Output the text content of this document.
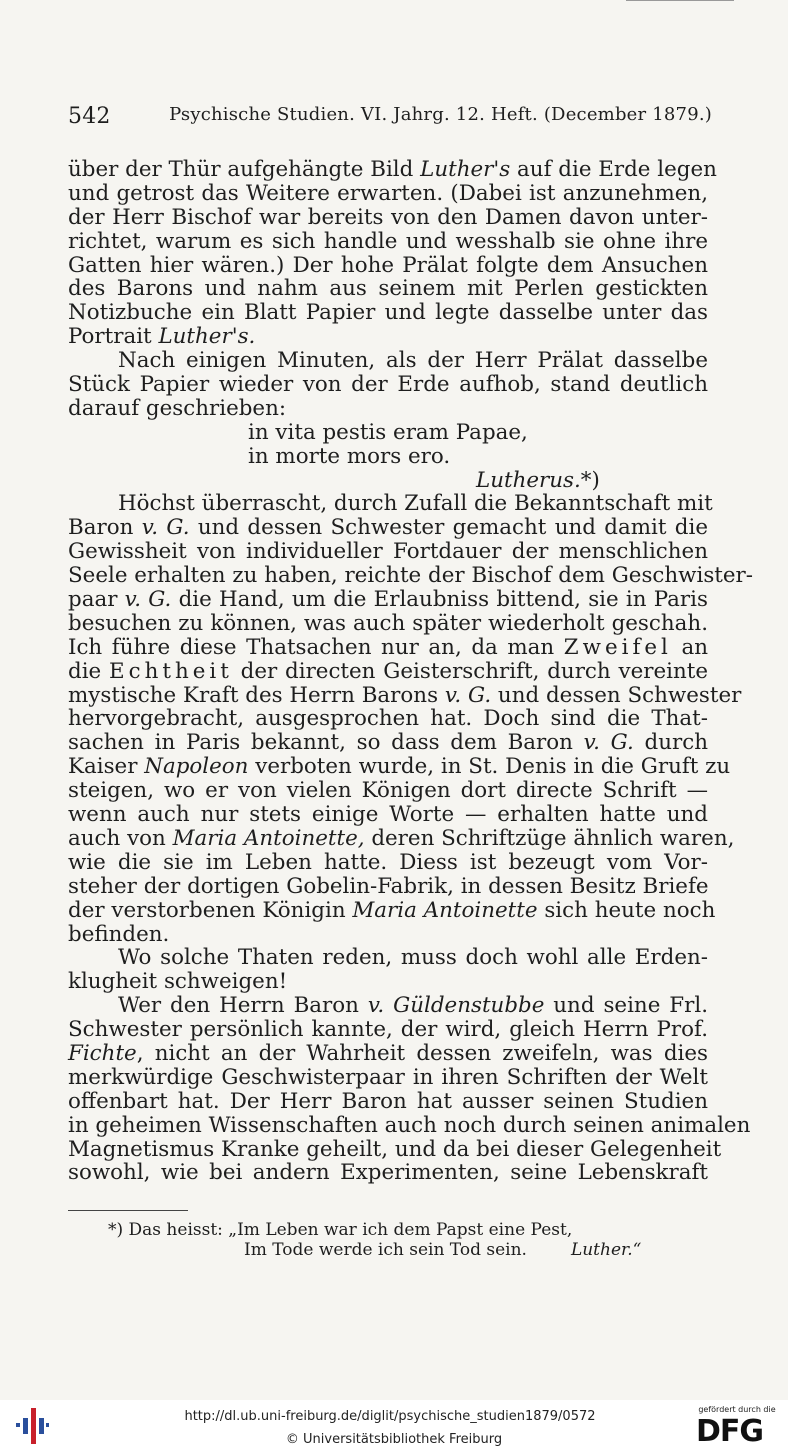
542	Psychische Studien. VI. Jahrg. 12. Heft. (December 1879.)
über der Thür aufgehängte Bild Luther's auf die Erde legen
und getrost das Weitere erwarten. (Dabei ist anzunehmen,
der Herr Bischof war bereits von den Damen davon unter-
richtet, warum es sich handle und wesshalb sie ohne ihre
Gatten hier wären.) Der hohe Prälat folgte dem Ansuchen
des Barons und nahm aus seinem mit Perlen gestickten
Notizbuche ein Blatt Papier und legte dasselbe unter das
Portrait Luther's.
Nach einigen Minuten, als der Herr Prälat dasselbe
Stück Papier wieder von der Erde aufhob, stand deutlich
darauf geschrieben:
in vita pestis eram Papae,
in morte mors ero.
Lutherus.*)
Höchst überrascht, durch Zufall die Bekanntschaft mit
Baron v. G. und dessen Schwester gemacht und damit die
Gewissheit von individueller Fortdauer der menschlichen
Seele erhalten zu haben, reichte der Bischof dem Geschwister-
paar v. G. die Hand, um die Erlaubniss bittend, sie in Paris
besuchen zu können, was auch später wiederholt geschah.
Ich führe diese Thatsachen nur an, da man Zweifel an
die Echtheit der directen Geisterschrift, durch vereinte
mystische Kraft des Herrn Barons v. G. und dessen Schwester
hervorgebracht, ausgesprochen hat. Doch sind die That-
sachen in Paris bekannt, so dass dem Baron v. G. durch
Kaiser Napoleon verboten wurde, in St. Denis in die Gruft zu
steigen, wo er von vielen Königen dort directe Schrift —
wenn auch nur stets einige Worte — erhalten hatte und
auch von Maria Antoinette, deren Schriftzüge ähnlich waren,
wie die sie im Leben hatte. Diess ist bezeugt vom Vor-
steher der dortigen Gobelin-Fabrik, in dessen Besitz Briefe
der verstorbenen Königin Maria Antoinette sich heute noch
befinden.
Wo solche Thaten reden, muss doch wohl alle Erden-
klugheit schweigen!
Wer den Herrn Baron v. Güldenstubbe und seine Frl.
Schwester persönlich kannte, der wird, gleich Herrn Prof.
Fichte, nicht an der Wahrheit dessen zweifeln, was dies
merkwürdige Geschwisterpaar in ihren Schriften der Welt
offenbart hat. Der Herr Baron hat ausser seinen Studien
in geheimen Wissenschaften auch noch durch seinen animalen
Magnetismus Kranke geheilt, und da bei dieser Gelegenheit
sowohl, wie bei andern Experimenten, seine Lebenskraft
*) Das heisst: „Im Leben war ich dem Papst eine Pest,
Im Tode werde ich sein Tod sein.	Luther.“
http://dl.ub.uni-freiburg.de/diglit/psychische_studien1879/0572
© Universitätsbibliothek Freiburg
gefördert durch die
DFG
